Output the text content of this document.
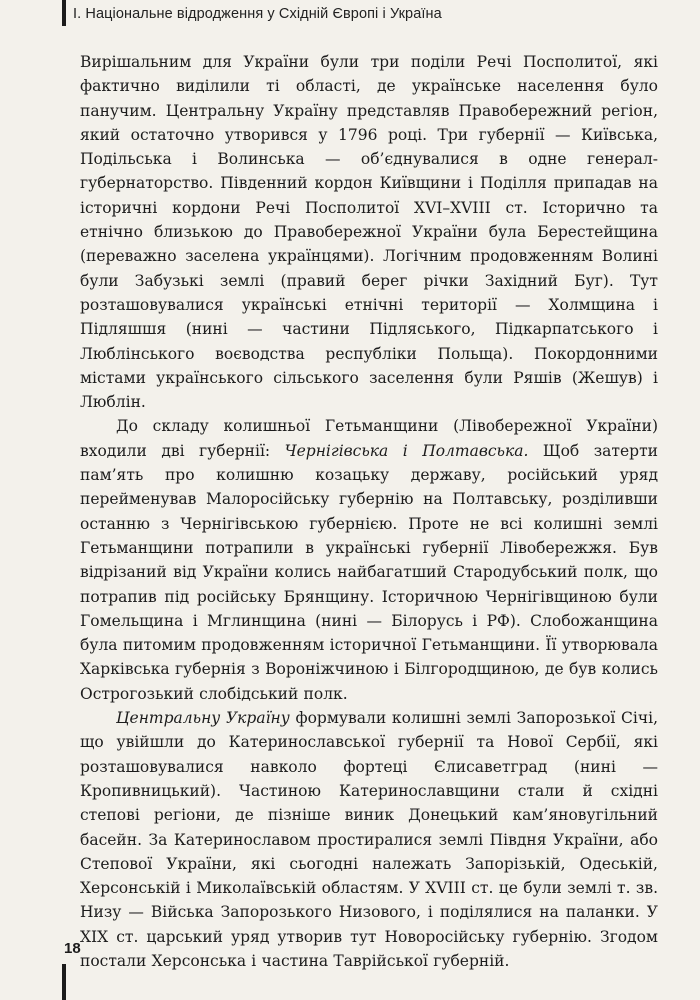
І. Національне відродження у Східній Європі і Україна

Вирішальним для України були три поділи Речі Посполитої, які фактично виділили ті області, де українське населення було панучим. Центральну Україну представляв Правобережний регіон, який остаточно утворився у 1796 році. Три губернії — Київська, Подільська і Волинська — об’єднувалися в одне генерал-губернаторство. Південний кордон Київщини і Поділля припадав на історичні кордони Речі Посполитої XVI–XVIII ст. Історично та етнічно близькою до Правобережної України була Берестейщина (переважно заселена українцями). Логічним продовженням Волині були Забузькі землі (правий берег річки Західний Буг). Тут розташовувалися українські етнічні території — Холмщина і Підляшшя (нині — частини Підляського, Підкарпатського і Люблінського воєводства республіки Польща). Покордонними містами українського сільського заселення були Ряшів (Жешув) і Люблін.

До складу колишньої Гетьманщини (Лівобережної України) входили дві губернії: Чернігівська і Полтавська. Щоб затерти пам’ять про колишню козацьку державу, російський уряд перейменував Малоросійську губернію на Полтавську, розділивши останню з Чернігівською губернією. Проте не всі колишні землі Гетьманщини потрапили в українські губернії Лівобережжя. Був відрізаний від України колись найбагатший Стародубський полк, що потрапив під російську Брянщину. Історичною Чернігівщиною були Гомельщина і Мглинщина (нині — Білорусь і РФ). Слобожанщина була питомим продовженням історичної Гетьманщини. Її утворювала Харківська губернія з Вороніжчиною і Білгородщиною, де був колись Острогозький слобідський полк.

Центральну Україну формували колишні землі Запорозької Січі, що увійшли до Катеринославської губернії та Нової Сербії, які розташовувалися навколо фортеці Єлисаветград (нині — Кропивницький). Частиною Катеринославщини стали й східні степові регіони, де пізніше виник Донецький кам’яновугільний басейн. За Катеринославом простиралися землі Півдня України, або Степової України, які сьогодні належать Запорізькій, Одеській, Херсонській і Миколаївській областям. У XVIII ст. це були землі т. зв. Низу — Війська Запорозького Низового, і поділялися на паланки. У XIX ст. царський уряд утворив тут Новоросійську губернію. Згодом постали Херсонська і частина Таврійської губерній.

18
